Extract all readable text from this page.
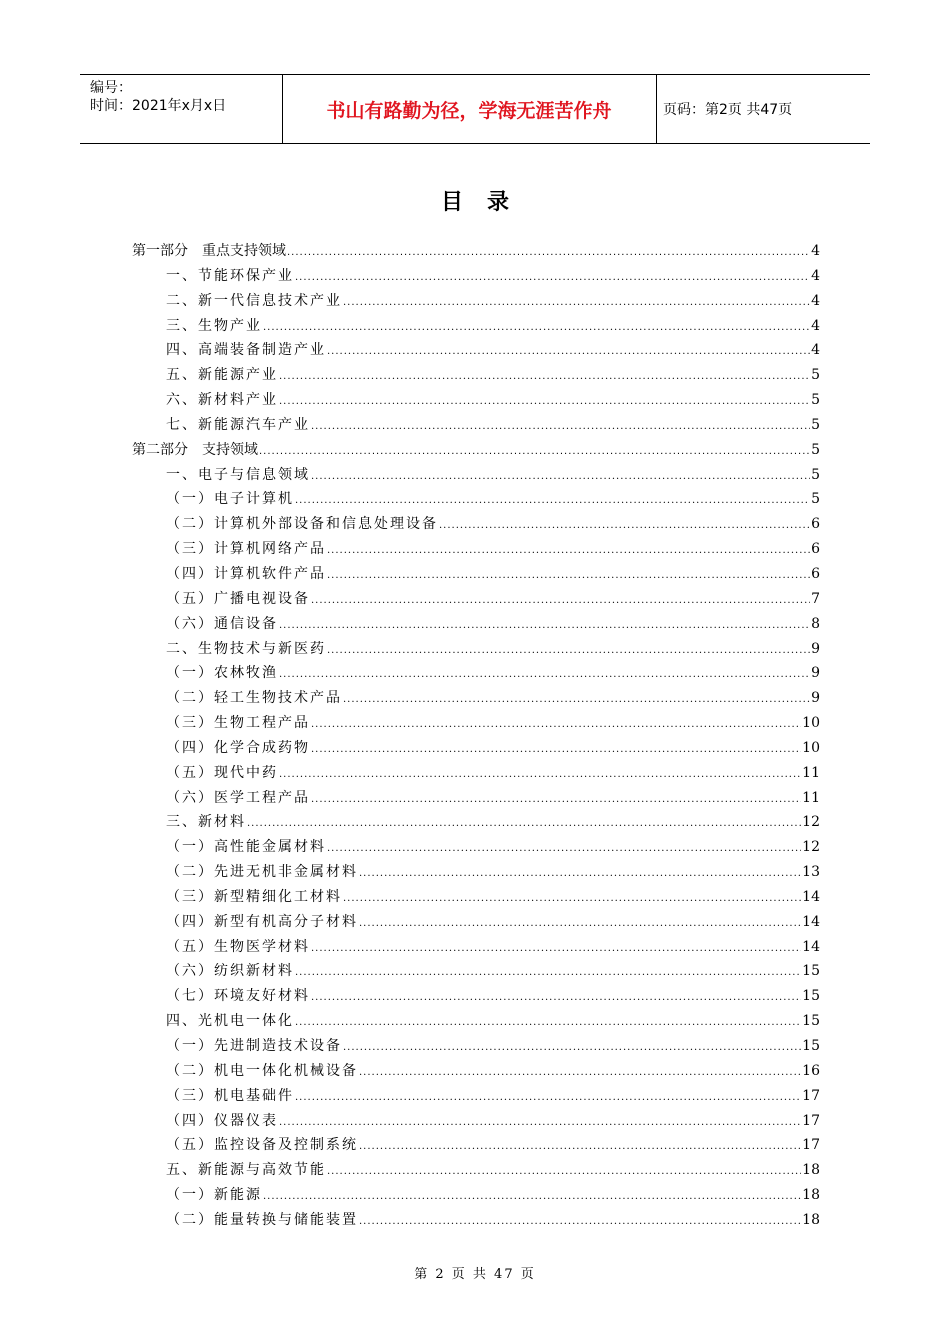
编号：
时间：2021年x月x日	书山有路勤为径，学海无涯苦作舟	页码：第2页 共47页
目录
第一部分　重点支持领域 .....	4
一、节能环保产业 .....	4
二、新一代信息技术产业 .....	4
三、生物产业 .....	4
四、高端装备制造产业 .....	4
五、新能源产业 .....	5
六、新材料产业 .....	5
七、新能源汽车产业 .....	5
第二部分　支持领域 .....	5
一、电子与信息领域 .....	5
（一）电子计算机 .....	5
（二）计算机外部设备和信息处理设备 .....	6
（三）计算机网络产品 .....	6
（四）计算机软件产品 .....	6
（五）广播电视设备 .....	7
（六）通信设备 .....	8
二、生物技术与新医药 .....	9
（一）农林牧渔 .....	9
（二）轻工生物技术产品 .....	9
（三）生物工程产品 .....	10
（四）化学合成药物 .....	10
（五）现代中药 .....	11
（六）医学工程产品 .....	11
三、新材料 .....	12
（一）高性能金属材料 .....	12
（二）先进无机非金属材料 .....	13
（三）新型精细化工材料 .....	14
（四）新型有机高分子材料 .....	14
（五）生物医学材料 .....	14
（六）纺织新材料 .....	15
（七）环境友好材料 .....	15
四、光机电一体化 .....	15
（一）先进制造技术设备 .....	15
（二）机电一体化机械设备 .....	16
（三）机电基础件 .....	17
（四）仪器仪表 .....	17
（五）监控设备及控制系统 .....	17
五、新能源与高效节能 .....	18
（一）新能源 .....	18
（二）能量转换与储能装置 .....	18
第 2 页 共 47 页
